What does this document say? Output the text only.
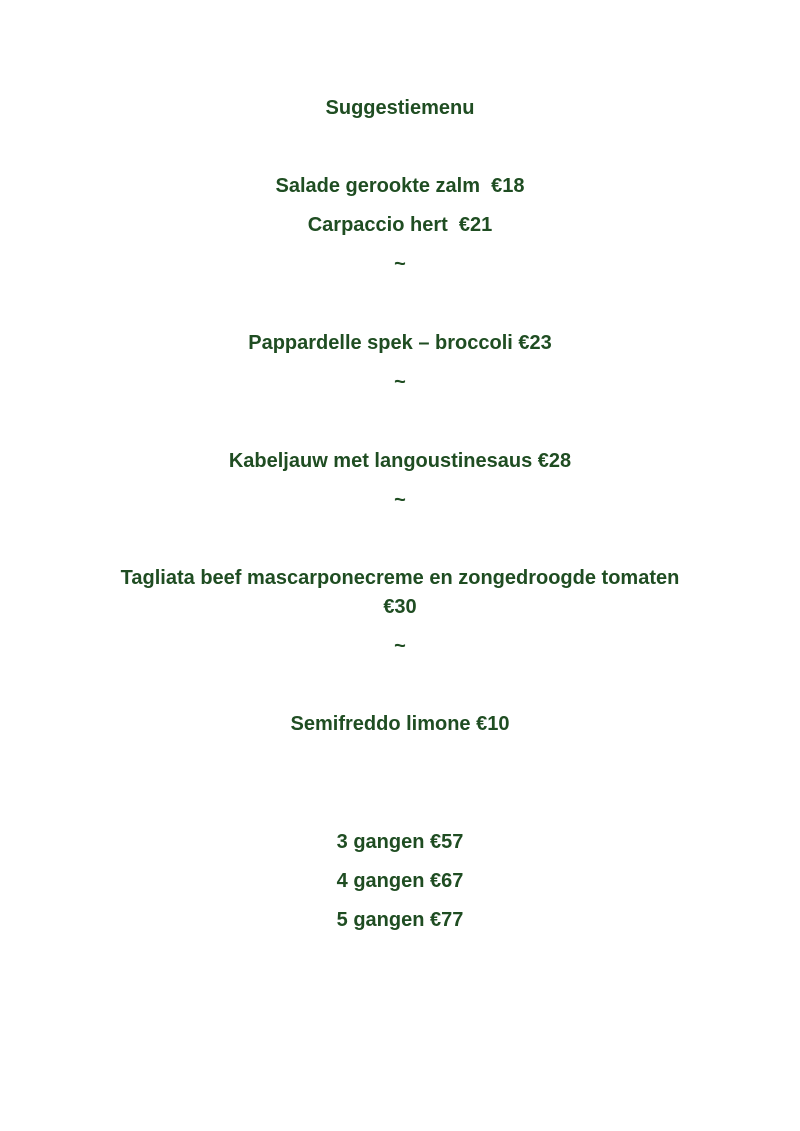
Suggestiemenu
Salade gerookte zalm  €18
Carpaccio hert  €21
~
Pappardelle spek – broccoli €23
~
Kabeljauw met langoustinesaus €28
~
Tagliata beef mascarponecreme en zongedroogde tomaten
€30
~
Semifreddo limone €10
3 gangen €57
4 gangen €67
5 gangen €77
